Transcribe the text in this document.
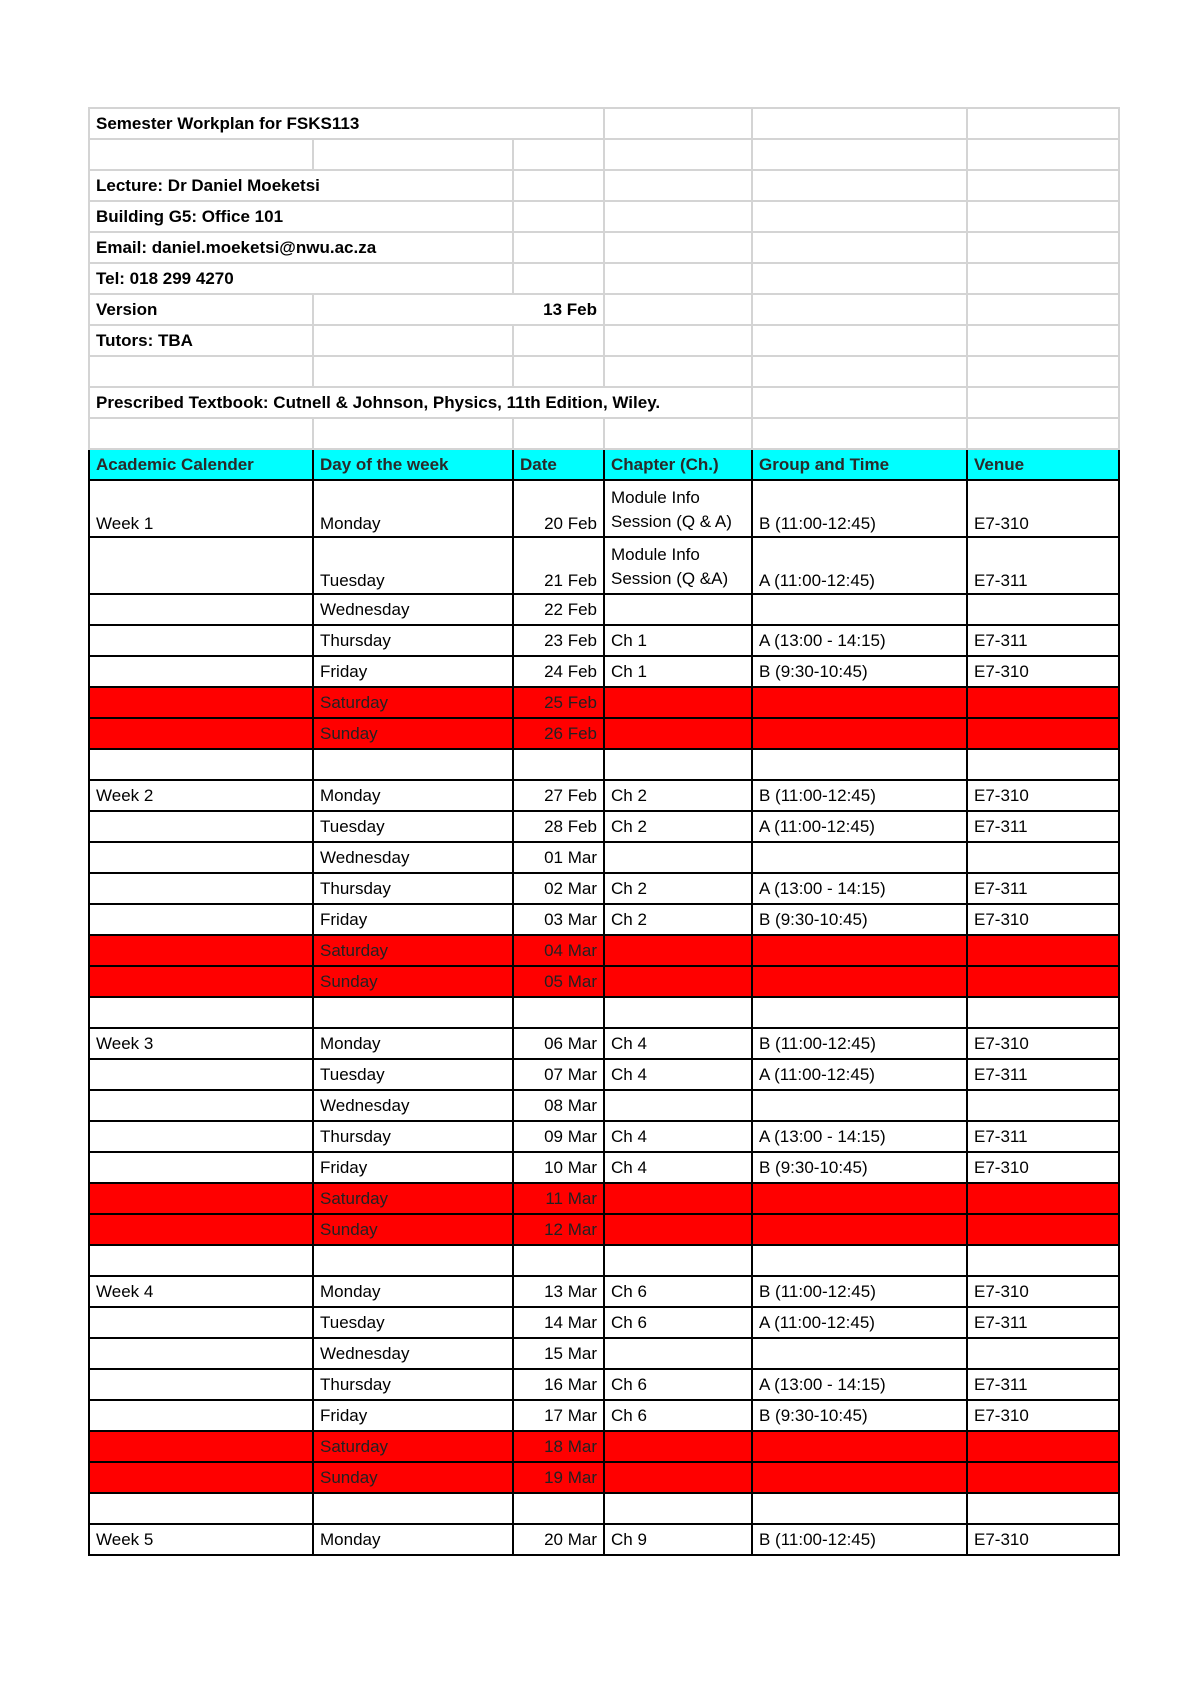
Semester Workplan for FSKS113					

Lecture: Dr Daniel Moeketsi					
Building G5: Office 101					
Email: daniel.moeketsi@nwu.ac.za					
Tel: 018 299 4270					
Version	13 Feb				
Tutors: TBA					

Prescribed Textbook: Cutnell & Johnson, Physics, 11th Edition, Wiley.					

Academic Calender	Day of the week	Date	Chapter (Ch.)	Group and Time	Venue
Week 1	Monday	20 Feb	Module Info Session (Q & A)	B (11:00-12:45)	E7-310
	Tuesday	21 Feb	Module Info Session (Q &A)	A (11:00-12:45)	E7-311
	Wednesday	22 Feb			
	Thursday	23 Feb	Ch 1	A (13:00 - 14:15)	E7-311
	Friday	24 Feb	Ch 1	B (9:30-10:45)	E7-310
	Saturday	25 Feb			
	Sunday	26 Feb			

Week 2	Monday	27 Feb	Ch 2	B (11:00-12:45)	E7-310
	Tuesday	28 Feb	Ch 2	A (11:00-12:45)	E7-311
	Wednesday	01 Mar			
	Thursday	02 Mar	Ch 2	A (13:00 - 14:15)	E7-311
	Friday	03 Mar	Ch 2	B (9:30-10:45)	E7-310
	Saturday	04 Mar			
	Sunday	05 Mar			

Week 3	Monday	06 Mar	Ch 4	B (11:00-12:45)	E7-310
	Tuesday	07 Mar	Ch 4	A (11:00-12:45)	E7-311
	Wednesday	08 Mar			
	Thursday	09 Mar	Ch 4	A (13:00 - 14:15)	E7-311
	Friday	10 Mar	Ch 4	B (9:30-10:45)	E7-310
	Saturday	11 Mar			
	Sunday	12 Mar			

Week 4	Monday	13 Mar	Ch 6	B (11:00-12:45)	E7-310
	Tuesday	14 Mar	Ch 6	A (11:00-12:45)	E7-311
	Wednesday	15 Mar			
	Thursday	16 Mar	Ch 6	A (13:00 - 14:15)	E7-311
	Friday	17 Mar	Ch 6	B (9:30-10:45)	E7-310
	Saturday	18 Mar			
	Sunday	19 Mar			

Week 5	Monday	20 Mar	Ch 9	B (11:00-12:45)	E7-310
